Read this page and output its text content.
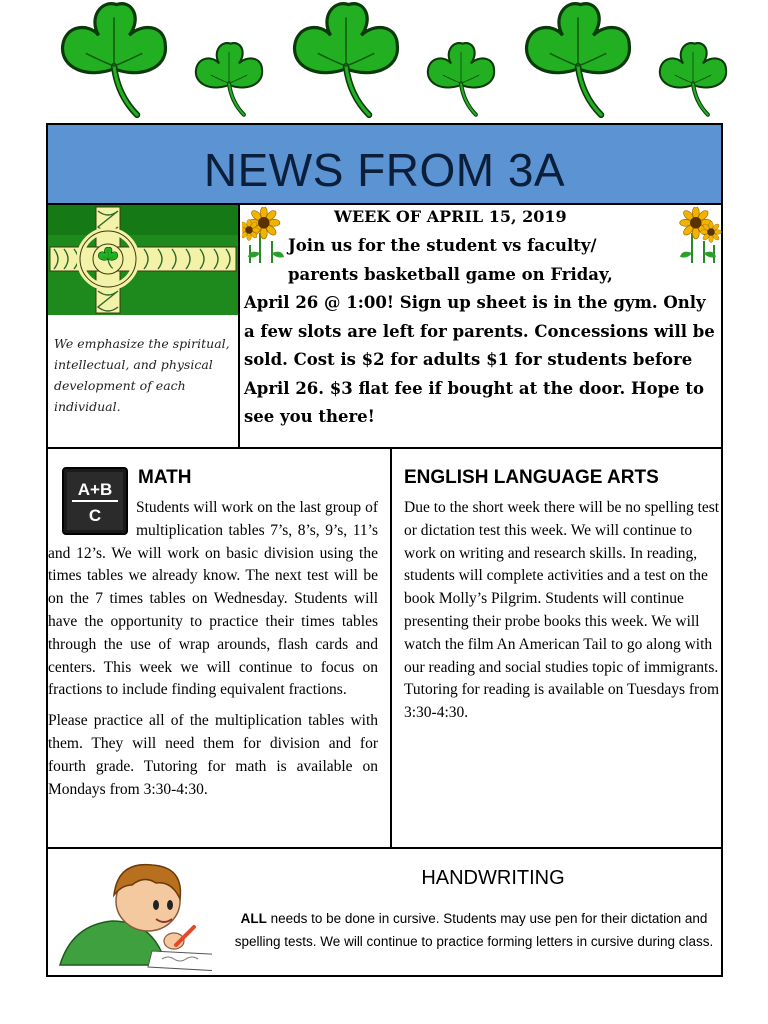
NEWS FROM 3A
We emphasize the spiritual, intellectual, and physical development of each individual.
WEEK OF APRIL 15, 2019
Join us for the student vs faculty/
parents basketball game on Friday,
April 26 @ 1:00! Sign up sheet is in the gym. Only a few slots are left for parents. Concessions will be sold. Cost is $2 for adults $1 for students before April 26. $3 flat fee if bought at the door. Hope to see you there!
A+B
C
MATH

Students will work on the last group of multiplication tables 7’s, 8’s, 9’s, 11’s and 12’s. We will work on basic division using the times tables we already know. The next test will be on the 7 times tables on Wednesday. Students will have the opportunity to practice their times tables through the use of wrap arounds, flash cards and centers. This week we will continue to focus on fractions to include finding equivalent fractions.

Please practice all of the multiplication tables with them. They will need them for division and for fourth grade. Tutoring for math is available on Mondays from 3:30-4:30.

ENGLISH LANGUAGE ARTS
Due to the short week there will be no spelling test or dictation test this week. We will continue to work on writing and research skills. In reading, students will complete activities and a test on the book Molly’s Pilgrim. Students will continue presenting their probe books this week. We will watch the film An American Tail to go along with our reading and social studies topic of immigrants. Tutoring for reading is available on Tuesdays from 3:30-4:30.
HANDWRITING
ALL needs to be done in cursive. Students may use pen for their dictation and spelling tests. We will continue to practice forming letters in cursive during class.
